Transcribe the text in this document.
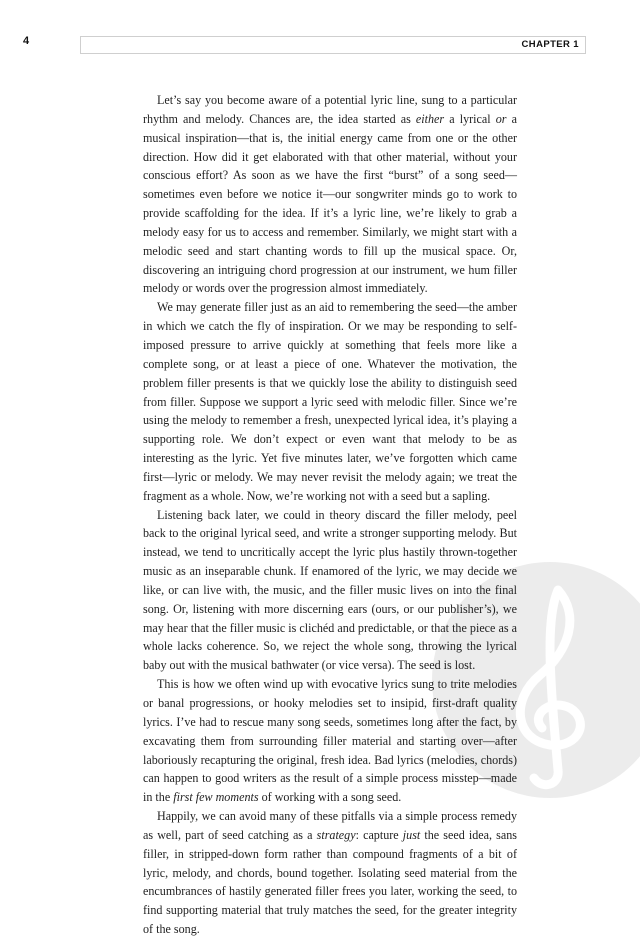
4	CHAPTER 1

Let’s say you become aware of a potential lyric line, sung to a particular rhythm and melody. Chances are, the idea started as either a lyrical or a musical inspiration—that is, the initial energy came from one or the other direction. How did it get elaborated with that other material, without your conscious effort? As soon as we have the first “burst” of a song seed—sometimes even before we notice it—our songwriter minds go to work to provide scaffolding for the idea. If it’s a lyric line, we’re likely to grab a melody easy for us to access and remember. Similarly, we might start with a melodic seed and start chanting words to fill up the musical space. Or, discovering an intriguing chord progression at our instrument, we hum filler melody or words over the progression almost immediately.

We may generate filler just as an aid to remembering the seed—the amber in which we catch the fly of inspiration. Or we may be responding to self-imposed pressure to arrive quickly at something that feels more like a complete song, or at least a piece of one. Whatever the motivation, the problem filler presents is that we quickly lose the ability to distinguish seed from filler. Suppose we support a lyric seed with melodic filler. Since we’re using the melody to remember a fresh, unexpected lyrical idea, it’s playing a supporting role. We don’t expect or even want that melody to be as interesting as the lyric. Yet five minutes later, we’ve forgotten which came first—lyric or melody. We may never revisit the melody again; we treat the fragment as a whole. Now, we’re working not with a seed but a sapling.

Listening back later, we could in theory discard the filler melody, peel back to the original lyrical seed, and write a stronger supporting melody. But instead, we tend to uncritically accept the lyric plus hastily thrown-together music as an inseparable chunk. If enamored of the lyric, we may decide we like, or can live with, the music, and the filler music lives on into the final song. Or, listening with more discerning ears (ours, or our publisher’s), we may hear that the filler music is clichéd and predictable, or that the piece as a whole lacks coherence. So, we reject the whole song, throwing the lyrical baby out with the musical bathwater (or vice versa). The seed is lost.

This is how we often wind up with evocative lyrics sung to trite melodies or banal progressions, or hooky melodies set to insipid, first-draft quality lyrics. I’ve had to rescue many song seeds, sometimes long after the fact, by excavating them from surrounding filler material and starting over—after laboriously recapturing the original, fresh idea. Bad lyrics (melodies, chords) can happen to good writers as the result of a simple process misstep—made in the first few moments of working with a song seed.

Happily, we can avoid many of these pitfalls via a simple process remedy as well, part of seed catching as a strategy: capture just the seed idea, sans filler, in stripped-down form rather than compound fragments of a bit of lyric, melody, and chords, bound together. Isolating seed material from the encumbrances of hastily generated filler frees you later, working the seed, to find supporting material that truly matches the seed, for the greater integrity of the song.
